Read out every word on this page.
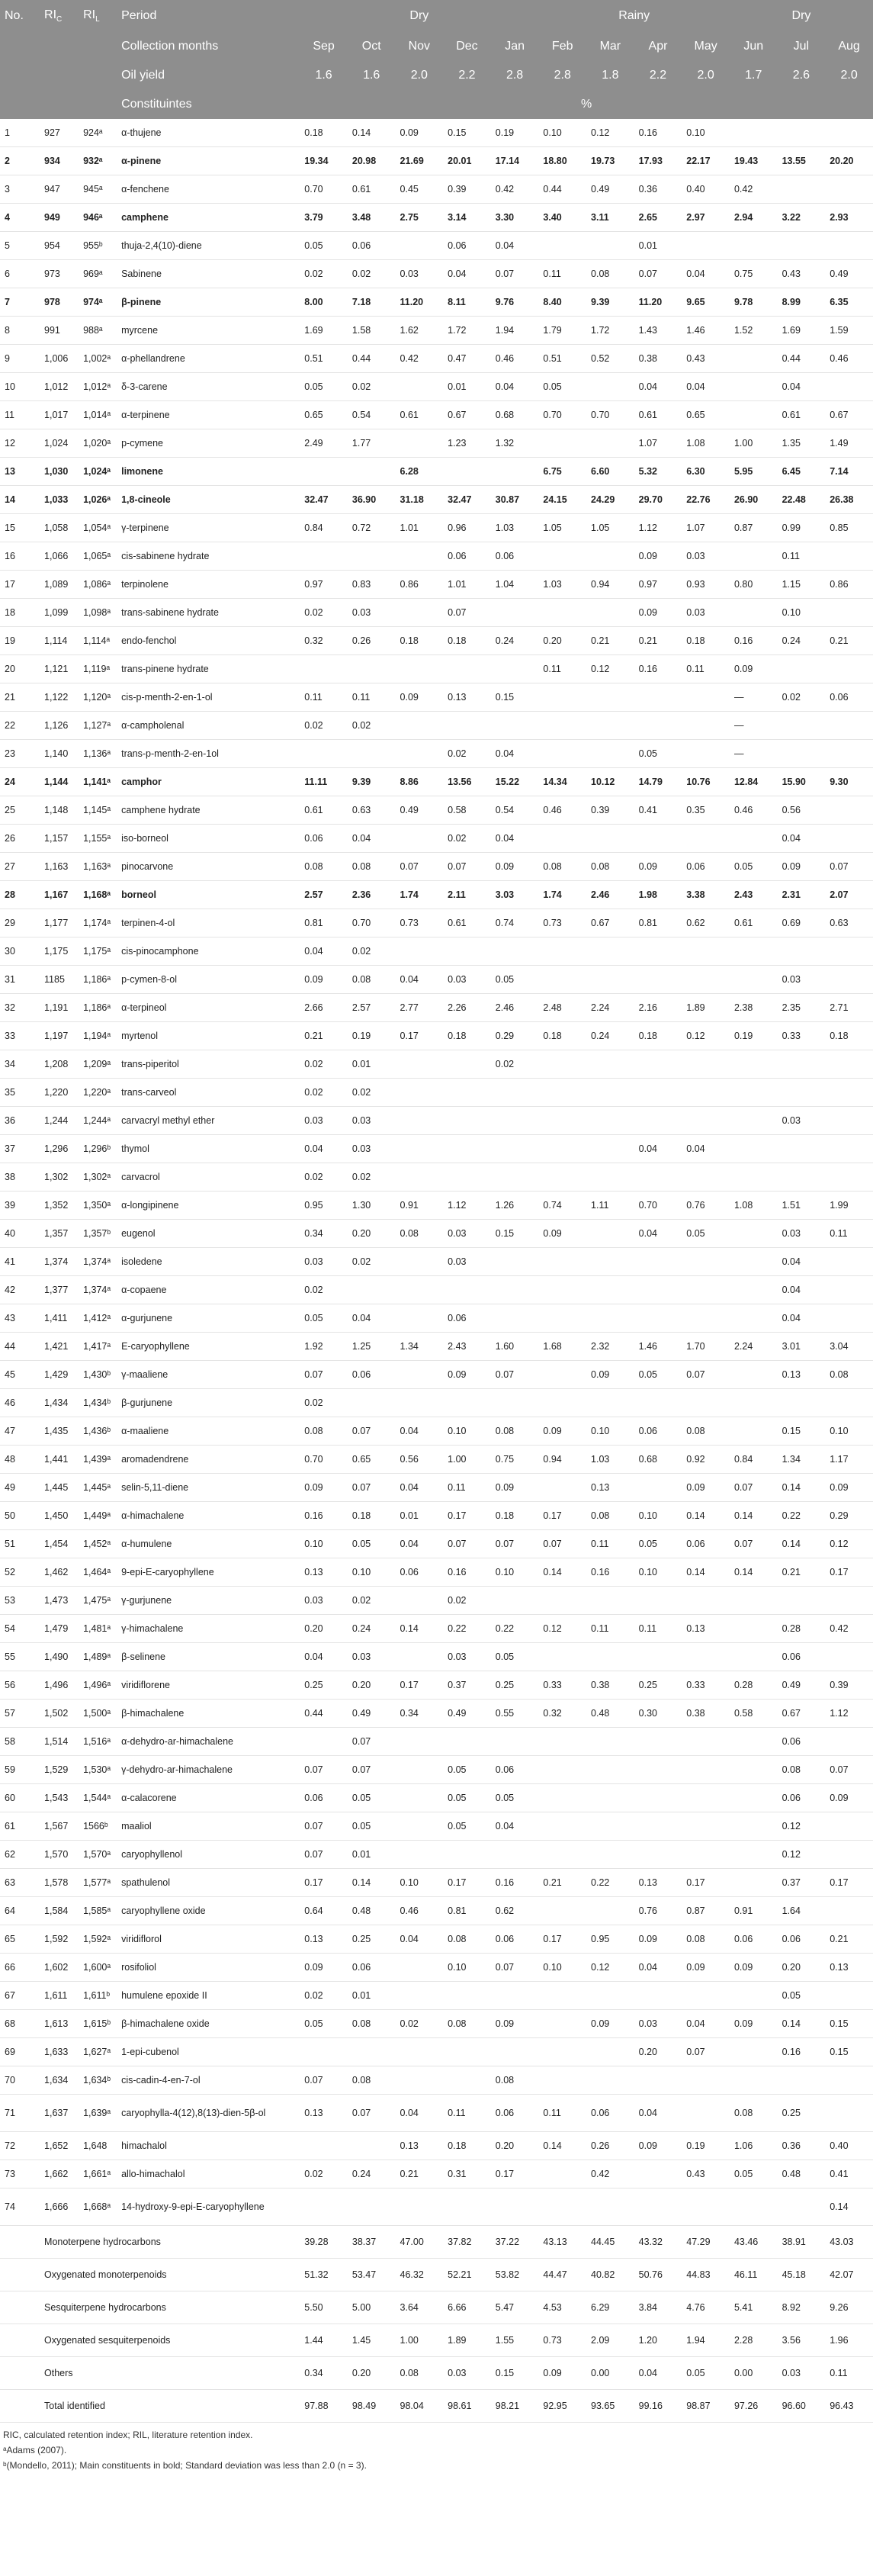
No.	$RI_C$	$RI_L$	Period	Dry					Rainy				Dry		
			Collection months	Sep	Oct	Nov	Dec	Jan	Feb	Mar	Apr	May	Jun	Jul	Aug
			Oil yield	1.6	1.6	2.0	2.2	2.8	2.8	1.8	2.2	2.0	1.7	2.6	2.0
			Constituintes	%											
1	927	924ᵃ	α-thujene	0.18	0.14	0.09	0.15	0.19	0.10	0.12	0.16	0.10			
2	934	932ᵃ	α-pinene	19.34	20.98	21.69	20.01	17.14	18.80	19.73	17.93	22.17	19.43	13.55	20.20
3	947	945ᵃ	α-fenchene	0.70	0.61	0.45	0.39	0.42	0.44	0.49	0.36	0.40	0.42		
4	949	946ᵃ	camphene	3.79	3.48	2.75	3.14	3.30	3.40	3.11	2.65	2.97	2.94	3.22	2.93
5	954	955ᵇ	thuja-2,4(10)-diene	0.05	0.06		0.06	0.04			0.01				
6	973	969ᵃ	Sabinene	0.02	0.02	0.03	0.04	0.07	0.11	0.08	0.07	0.04	0.75	0.43	0.49
7	978	974ᵃ	β-pinene	8.00	7.18	11.20	8.11	9.76	8.40	9.39	11.20	9.65	9.78	8.99	6.35
8	991	988ᵃ	myrcene	1.69	1.58	1.62	1.72	1.94	1.79	1.72	1.43	1.46	1.52	1.69	1.59
9	1,006	1,002ᵃ	α-phellandrene	0.51	0.44	0.42	0.47	0.46	0.51	0.52	0.38	0.43		0.44	0.46
10	1,012	1,012ᵃ	δ-3-carene	0.05	0.02		0.01	0.04	0.05		0.04	0.04		0.04	
11	1,017	1,014ᵃ	α-terpinene	0.65	0.54	0.61	0.67	0.68	0.70	0.70	0.61	0.65		0.61	0.67
12	1,024	1,020ᵃ	p-cymene	2.49	1.77		1.23	1.32			1.07	1.08	1.00	1.35	1.49
13	1,030	1,024ᵃ	limonene			6.28			6.75	6.60	5.32	6.30	5.95	6.45	7.14
14	1,033	1,026ᵃ	1,8-cineole	32.47	36.90	31.18	32.47	30.87	24.15	24.29	29.70	22.76	26.90	22.48	26.38
15	1,058	1,054ᵃ	γ-terpinene	0.84	0.72	1.01	0.96	1.03	1.05	1.05	1.12	1.07	0.87	0.99	0.85
16	1,066	1,065ᵃ	cis-sabinene hydrate				0.06	0.06			0.09	0.03		0.11	
17	1,089	1,086ᵃ	terpinolene	0.97	0.83	0.86	1.01	1.04	1.03	0.94	0.97	0.93	0.80	1.15	0.86
18	1,099	1,098ᵃ	trans-sabinene hydrate	0.02	0.03		0.07				0.09	0.03		0.10	
19	1,114	1,114ᵃ	endo-fenchol	0.32	0.26	0.18	0.18	0.24	0.20	0.21	0.21	0.18	0.16	0.24	0.21
20	1,121	1,119ᵃ	trans-pinene hydrate						0.11	0.12	0.16	0.11	0.09		
21	1,122	1,120ᵃ	cis-p-menth-2-en-1-ol	0.11	0.11	0.09	0.13	0.15					—	0.02	0.06
22	1,126	1,127ᵃ	α-campholenal	0.02	0.02								—		
23	1,140	1,136ᵃ	trans-p-menth-2-en-1ol				0.02	0.04			0.05		—		
24	1,144	1,141ᵃ	camphor	11.11	9.39	8.86	13.56	15.22	14.34	10.12	14.79	10.76	12.84	15.90	9.30
25	1,148	1,145ᵃ	camphene hydrate	0.61	0.63	0.49	0.58	0.54	0.46	0.39	0.41	0.35	0.46	0.56	
26	1,157	1,155ᵃ	iso-borneol	0.06	0.04		0.02	0.04						0.04	
27	1,163	1,163ᵃ	pinocarvone	0.08	0.08	0.07	0.07	0.09	0.08	0.08	0.09	0.06	0.05	0.09	0.07
28	1,167	1,168ᵃ	borneol	2.57	2.36	1.74	2.11	3.03	1.74	2.46	1.98	3.38	2.43	2.31	2.07
29	1,177	1,174ᵃ	terpinen-4-ol	0.81	0.70	0.73	0.61	0.74	0.73	0.67	0.81	0.62	0.61	0.69	0.63
30	1,175	1,175ᵃ	cis-pinocamphone	0.04	0.02										
31	1185	1,186ᵃ	p-cymen-8-ol	0.09	0.08	0.04	0.03	0.05						0.03	
32	1,191	1,186ᵃ	α-terpineol	2.66	2.57	2.77	2.26	2.46	2.48	2.24	2.16	1.89	2.38	2.35	2.71
33	1,197	1,194ᵃ	myrtenol	0.21	0.19	0.17	0.18	0.29	0.18	0.24	0.18	0.12	0.19	0.33	0.18
34	1,208	1,209ᵃ	trans-piperitol	0.02	0.01			0.02							
35	1,220	1,220ᵃ	trans-carveol	0.02	0.02										
36	1,244	1,244ᵃ	carvacryl methyl ether	0.03	0.03									0.03	
37	1,296	1,296ᵇ	thymol	0.04	0.03						0.04	0.04			
38	1,302	1,302ᵃ	carvacrol	0.02	0.02										
39	1,352	1,350ᵃ	α-longipinene	0.95	1.30	0.91	1.12	1.26	0.74	1.11	0.70	0.76	1.08	1.51	1.99
40	1,357	1,357ᵇ	eugenol	0.34	0.20	0.08	0.03	0.15	0.09		0.04	0.05		0.03	0.11
41	1,374	1,374ᵃ	isoledene	0.03	0.02		0.03							0.04	
42	1,377	1,374ᵃ	α-copaene	0.02										0.04	
43	1,411	1,412ᵃ	α-gurjunene	0.05	0.04		0.06							0.04	
44	1,421	1,417ᵃ	E-caryophyllene	1.92	1.25	1.34	2.43	1.60	1.68	2.32	1.46	1.70	2.24	3.01	3.04
45	1,429	1,430ᵇ	γ-maaliene	0.07	0.06		0.09	0.07		0.09	0.05	0.07		0.13	0.08
46	1,434	1,434ᵇ	β-gurjunene	0.02											
47	1,435	1,436ᵇ	α-maaliene	0.08	0.07	0.04	0.10	0.08	0.09	0.10	0.06	0.08		0.15	0.10
48	1,441	1,439ᵃ	aromadendrene	0.70	0.65	0.56	1.00	0.75	0.94	1.03	0.68	0.92	0.84	1.34	1.17
49	1,445	1,445ᵃ	selin-5,11-diene	0.09	0.07	0.04	0.11	0.09		0.13		0.09	0.07	0.14	0.09
50	1,450	1,449ᵃ	α-himachalene	0.16	0.18	0.01	0.17	0.18	0.17	0.08	0.10	0.14	0.14	0.22	0.29
51	1,454	1,452ᵃ	α-humulene	0.10	0.05	0.04	0.07	0.07	0.07	0.11	0.05	0.06	0.07	0.14	0.12
52	1,462	1,464ᵃ	9-epi-E-caryophyllene	0.13	0.10	0.06	0.16	0.10	0.14	0.16	0.10	0.14	0.14	0.21	0.17
53	1,473	1,475ᵃ	γ-gurjunene	0.03	0.02		0.02								
54	1,479	1,481ᵃ	γ-himachalene	0.20	0.24	0.14	0.22	0.22	0.12	0.11	0.11	0.13		0.28	0.42
55	1,490	1,489ᵃ	β-selinene	0.04	0.03		0.03	0.05						0.06	
56	1,496	1,496ᵃ	viridiflorene	0.25	0.20	0.17	0.37	0.25	0.33	0.38	0.25	0.33	0.28	0.49	0.39
57	1,502	1,500ᵃ	β-himachalene	0.44	0.49	0.34	0.49	0.55	0.32	0.48	0.30	0.38	0.58	0.67	1.12
58	1,514	1,516ᵃ	α-dehydro-ar-himachalene		0.07									0.06	
59	1,529	1,530ᵃ	γ-dehydro-ar-himachalene	0.07	0.07		0.05	0.06						0.08	0.07
60	1,543	1,544ᵃ	α-calacorene	0.06	0.05		0.05	0.05						0.06	0.09
61	1,567	1566ᵇ	maaliol	0.07	0.05		0.05	0.04						0.12	
62	1,570	1,570ᵃ	caryophyllenol	0.07	0.01									0.12	
63	1,578	1,577ᵃ	spathulenol	0.17	0.14	0.10	0.17	0.16	0.21	0.22	0.13	0.17		0.37	0.17
64	1,584	1,585ᵃ	caryophyllene oxide	0.64	0.48	0.46	0.81	0.62			0.76	0.87	0.91	1.64	
65	1,592	1,592ᵃ	viridiflorol	0.13	0.25	0.04	0.08	0.06	0.17	0.95	0.09	0.08	0.06	0.06	0.21
66	1,602	1,600ᵃ	rosifoliol	0.09	0.06		0.10	0.07	0.10	0.12	0.04	0.09	0.09	0.20	0.13
67	1,611	1,611ᵇ	humulene epoxide II	0.02	0.01									0.05	
68	1,613	1,615ᵇ	β-himachalene oxide	0.05	0.08	0.02	0.08	0.09		0.09	0.03	0.04	0.09	0.14	0.15
69	1,633	1,627ᵃ	1-epi-cubenol								0.20	0.07		0.16	0.15
70	1,634	1,634ᵇ	cis-cadin-4-en-7-ol	0.07	0.08			0.08							
71	1,637	1,639ᵃ	caryophylla-4(12),8(13)-dien-5β-ol	0.13	0.07	0.04	0.11	0.06	0.11	0.06	0.04		0.08	0.25	
72	1,652	1,648	himachalol			0.13	0.18	0.20	0.14	0.26	0.09	0.19	1.06	0.36	0.40
73	1,662	1,661ᵃ	allo-himachalol	0.02	0.24	0.21	0.31	0.17		0.42		0.43	0.05	0.48	0.41
74	1,666	1,668ᵃ	14-hydroxy-9-epi-E-caryophyllene												0.14
	Monoterpene hydrocarbons			39.28	38.37	47.00	37.82	37.22	43.13	44.45	43.32	47.29	43.46	38.91	43.03
	Oxygenated monoterpenoids			51.32	53.47	46.32	52.21	53.82	44.47	40.82	50.76	44.83	46.11	45.18	42.07
	Sesquiterpene hydrocarbons			5.50	5.00	3.64	6.66	5.47	4.53	6.29	3.84	4.76	5.41	8.92	9.26
	Oxygenated sesquiterpenoids			1.44	1.45	1.00	1.89	1.55	0.73	2.09	1.20	1.94	2.28	3.56	1.96
	Others			0.34	0.20	0.08	0.03	0.15	0.09	0.00	0.04	0.05	0.00	0.03	0.11
	Total identified			97.88	98.49	98.04	98.61	98.21	92.95	93.65	99.16	98.87	97.26	96.60	96.43
RIC, calculated retention index; RIL, literature retention index.
ᵃAdams (2007).
ᵇ(Mondello, 2011); Main constituents in bold; Standard deviation was less than 2.0 (n = 3).
